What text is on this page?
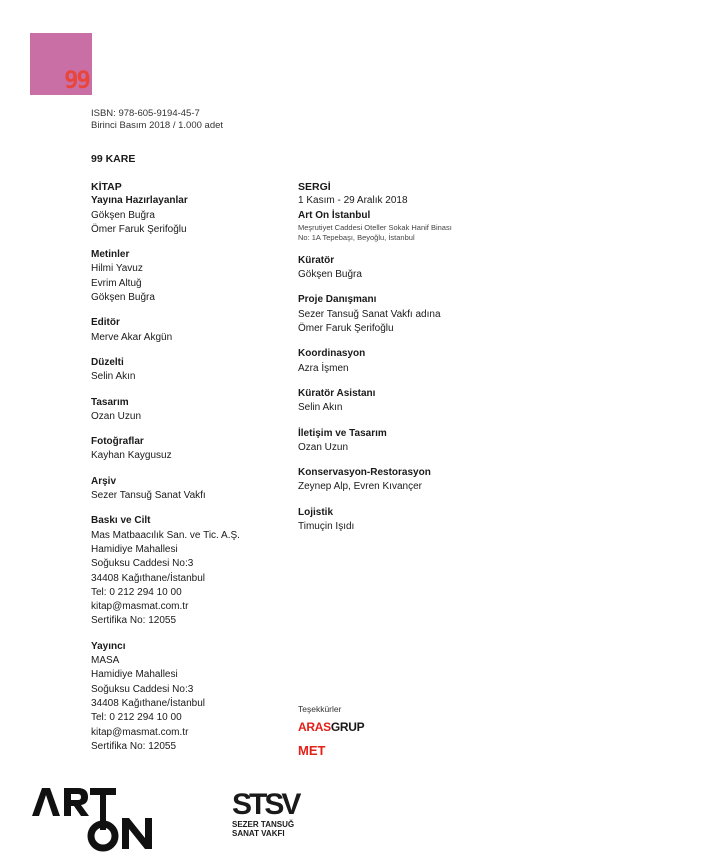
99
ISBN: 978-605-9194-45-7
Birinci Basım 2018 / 1.000 adet
99 KARE
KİTAP
Yayına Hazırlayanlar
Gökşen Buğra
Ömer Faruk Şerifoğlu
Metinler
Hilmi Yavuz
Evrim Altuğ
Gökşen Buğra
Editör
Merve Akar Akgün
Düzelti
Selin Akın
Tasarım
Ozan Uzun
Fotoğraflar
Kayhan Kaygusuz
Arşiv
Sezer Tansuğ Sanat Vakfı
Baskı ve Cilt
Mas Matbaacılık San. ve Tic. A.Ş.
Hamidiye Mahallesi
Soğuksu Caddesi No:3
34408 Kağıthane/İstanbul
Tel: 0 212 294 10 00
kitap@masmat.com.tr
Sertifika No: 12055
Yayıncı
MASA
Hamidiye Mahallesi
Soğuksu Caddesi No:3
34408 Kağıthane/İstanbul
Tel: 0 212 294 10 00
kitap@masmat.com.tr
Sertifika No: 12055
SERGİ
1 Kasım - 29 Aralık 2018
Art On İstanbul
Meşrutiyet Caddesi Oteller Sokak Hanif Binası
No: 1A Tepebaşı, Beyoğlu, İstanbul
Küratör
Gökşen Buğra
Proje Danışmanı
Sezer Tansuğ Sanat Vakfı adına
Ömer Faruk Şerifoğlu
Koordinasyon
Azra İşmen
Küratör Asistanı
Selin Akın
İletişim ve Tasarım
Ozan Uzun
Konservasyon-Restorasyon
Zeynep Alp, Evren Kıvançer
Lojistik
Timuçin Işıdı
Teşekkürler
ARASGRUP
MET
STSV
SEZER TANSUĞ
SANAT VAKFI
